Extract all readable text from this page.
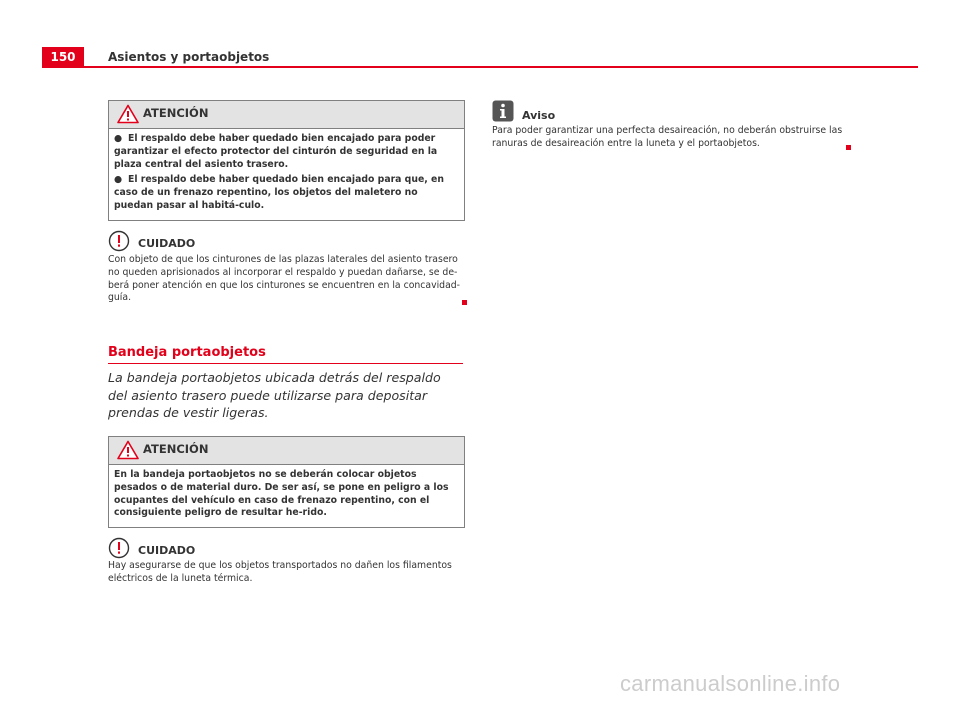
150	Asientos y portaobjetos
ATENCIÓN

● El respaldo debe haber quedado bien encajado para poder garantizar el efecto protector del cinturón de seguridad en la plaza central del asiento trasero.

● El respaldo debe haber quedado bien encajado para que, en caso de un frenazo repentino, los objetos del maletero no puedan pasar al habitá-culo.

CUIDADO
Con objeto de que los cinturones de las plazas laterales del asiento trasero no queden aprisionados al incorporar el respaldo y puedan dañarse, se de-berá poner atención en que los cinturones se encuentren en la concavidad-guía.
Bandeja portaobjetos
La bandeja portaobjetos ubicada detrás del respaldo del asiento trasero puede utilizarse para depositar prendas de vestir ligeras.
ATENCIÓN

En la bandeja portaobjetos no se deberán colocar objetos pesados o de material duro. De ser así, se pone en peligro a los ocupantes del vehículo en caso de frenazo repentino, con el consiguiente peligro de resultar he-rido.

CUIDADO
Hay asegurarse de que los objetos transportados no dañen los filamentos eléctricos de la luneta térmica.
Aviso
Para poder garantizar una perfecta desaireación, no deberán obstruirse las ranuras de desaireación entre la luneta y el portaobjetos.
carmanualsonline.info
